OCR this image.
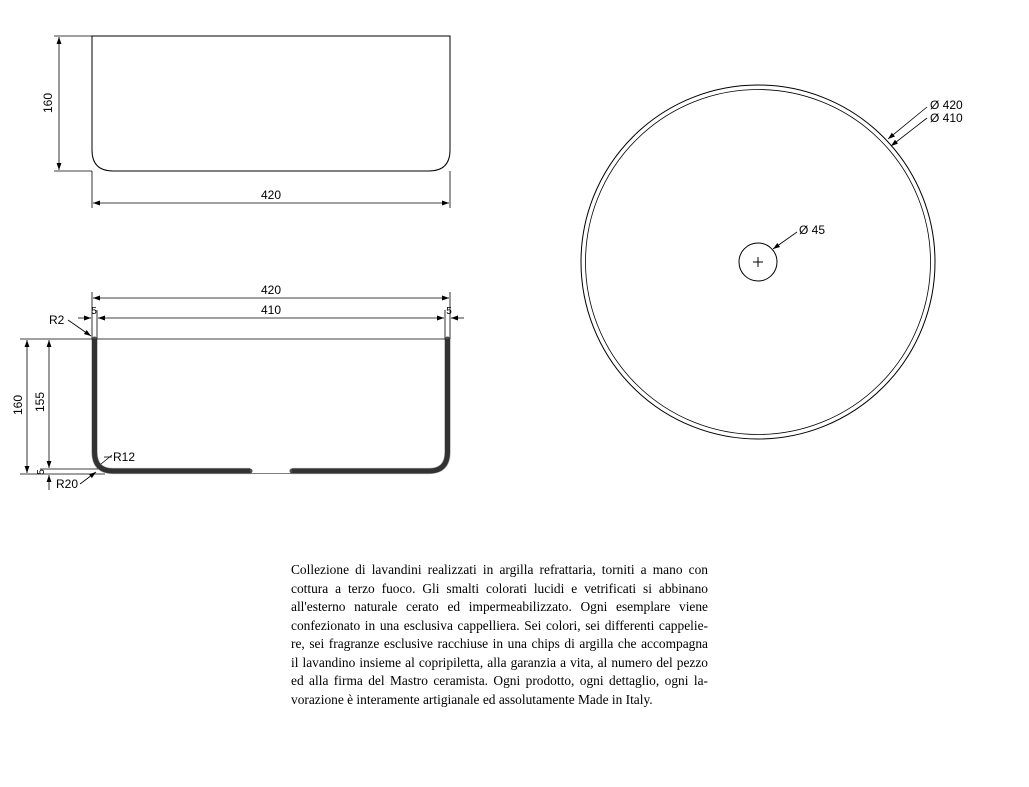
160
420
420
410
5	5
R2
160 155
5
R12
R20
Ø 45
Ø 420
Ø 410
Collezione di lavandini realizzati in argilla refrattaria, torniti a mano con
cottura a terzo fuoco. Gli smalti colorati lucidi e vetrificati si abbinano
all'esterno naturale cerato ed impermeabilizzato. Ogni esemplare viene
confezionato in una esclusiva cappelliera. Sei colori, sei differenti cappelie-
re, sei fragranze esclusive racchiuse in una chips di argilla che accompagna
il lavandino insieme al copripiletta, alla garanzia a vita, al numero del pezzo
ed alla firma del Mastro ceramista. Ogni prodotto, ogni dettaglio, ogni la-
vorazione è interamente artigianale ed assolutamente Made in Italy.
